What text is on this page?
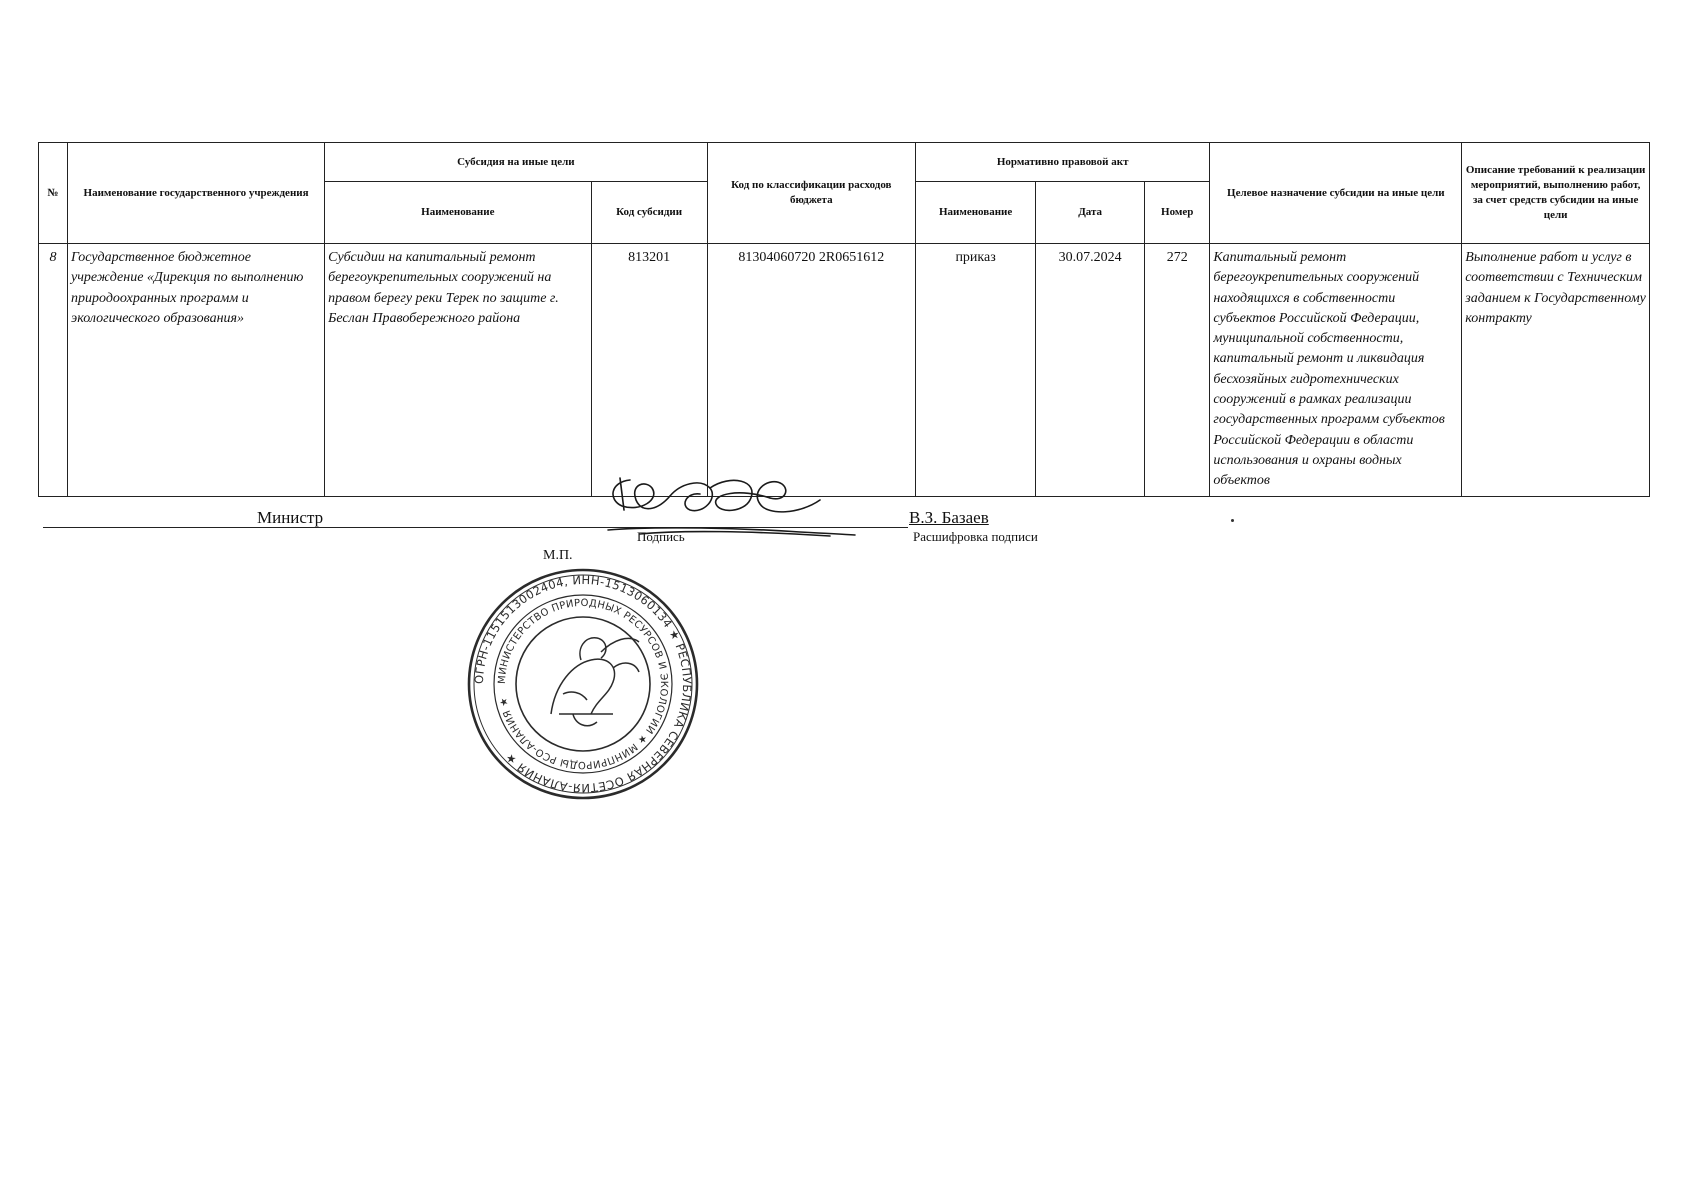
№	Наименование государственного учреждения	Субсидия на иные цели		Код по классификации расходов бюджета	Нормативно правовой акт			Целевое назначение субсидии на иные цели	Описание требований к реализации мероприятий, выполнению работ, за счет средств субсидии на иные цели
		Наименование	Код субсидии		Наименование	Дата	Номер		
8	Государственное бюджетное учреждение «Дирекция по выполнению природоохранных программ и экологического образования»	Субсидии на капитальный ремонт берегоукрепительных сооружений на правом берегу реки Терек по защите г. Беслан Правобережного района	813201	81304060720 2R0651612	приказ	30.07.2024	272	Капитальный ремонт берегоукрепительных сооружений находящихся в собственности субъектов Российской Федерации, муниципальной собственности, капитальный ремонт и ликвидация бесхозяйных гидротехнических сооружений в рамках реализации государственных программ субъектов Российской Федерации в области использования и охраны водных объектов	Выполнение работ и услуг в соответствии с Техническим заданием к Государственному контракту
Министр
Подпись
В.З. Базаев
Расшифровка подписи
М.П.
ОГРН-1151513002404, ИНН-1513060134 ★ РЕСПУБЛИКА СЕВЕРНАЯ ОСЕТИЯ-АЛАНИЯ ★
МИНИСТЕРСТВО ПРИРОДНЫХ РЕСУРСОВ И ЭКОЛОГИИ ★ МИНПРИРОДЫ РСО-АЛАНИЯ ★
